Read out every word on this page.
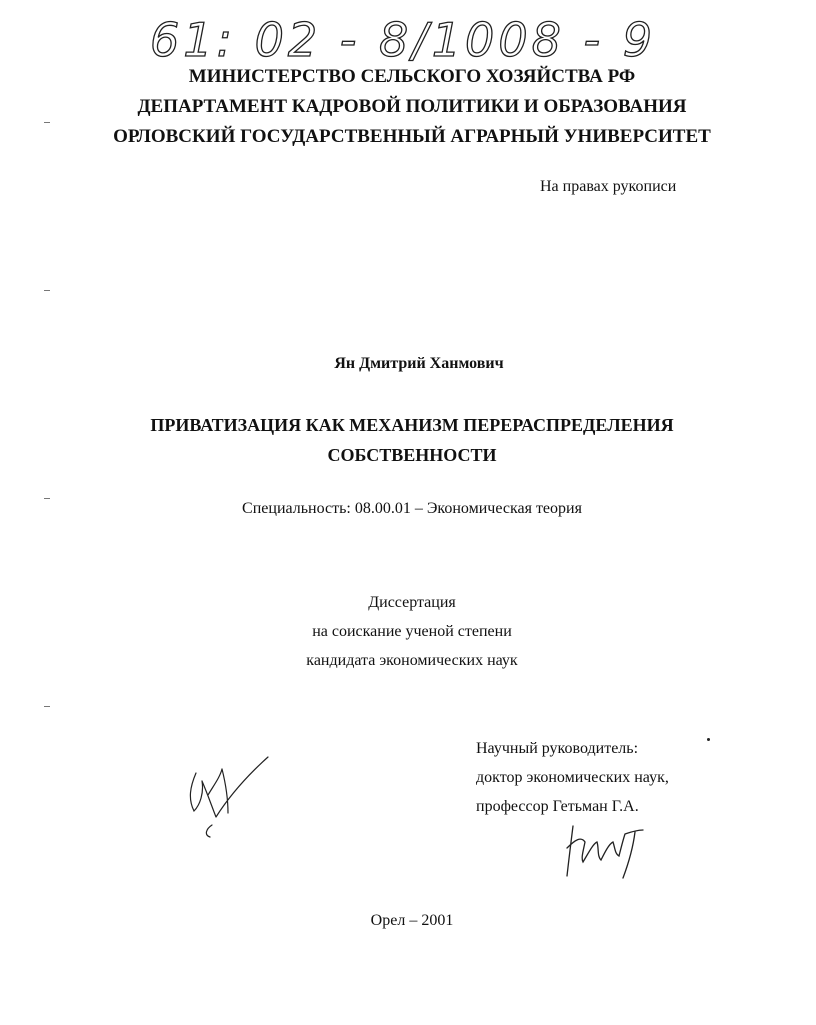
61: 02 - 8/1008 - 9
МИНИСТЕРСТВО СЕЛЬСКОГО ХОЗЯЙСТВА РФ
ДЕПАРТАМЕНТ КАДРОВОЙ ПОЛИТИКИ И ОБРАЗОВАНИЯ
ОРЛОВСКИЙ ГОСУДАРСТВЕННЫЙ АГРАРНЫЙ УНИВЕРСИТЕТ
На правах рукописи
Ян Дмитрий Ханмович
ПРИВАТИЗАЦИЯ КАК МЕХАНИЗМ ПЕРЕРАСПРЕДЕЛЕНИЯ
СОБСТВЕННОСТИ
Специальность: 08.00.01 – Экономическая теория
Диссертация
на соискание ученой степени
кандидата экономических наук
Научный руководитель:
доктор экономических наук,
профессор Гетьман Г.А.
Орел – 2001
